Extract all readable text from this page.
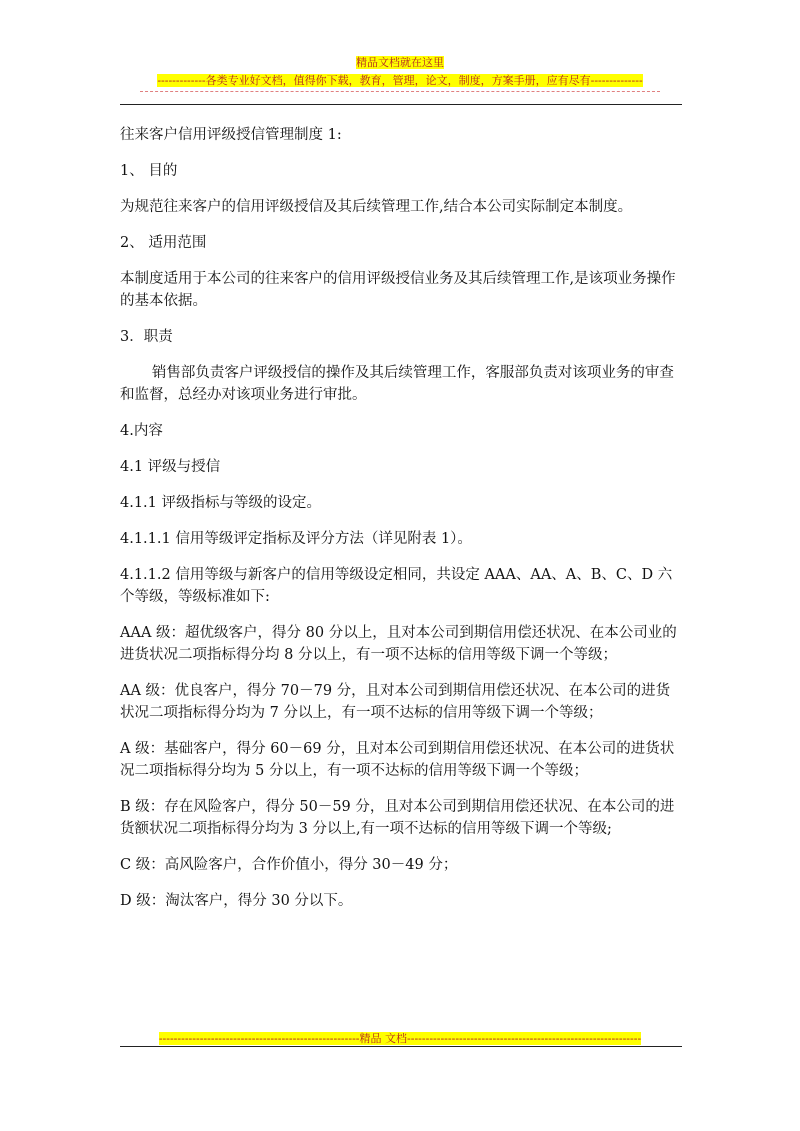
精品文档就在这里
-------------各类专业好文档，值得你下载，教育，管理，论文，制度，方案手册，应有尽有--------------

往来客户信用评级授信管理制度 1:

1、 目的

为规范往来客户的信用评级授信及其后续管理工作,结合本公司实际制定本制度。

2、 适用范围

本制度适用于本公司的往来客户的信用评级授信业务及其后续管理工作,是该项业务操作的基本依据。

3．职责

销售部负责客户评级授信的操作及其后续管理工作，客服部负责对该项业务的审查和监督，总经办对该项业务进行审批。

4.内容

4.1 评级与授信

4.1.1 评级指标与等级的设定。

4.1.1.1 信用等级评定指标及评分方法（详见附表 1）。

4.1.1.2 信用等级与新客户的信用等级设定相同，共设定 AAA、AA、A、B、C、D 六个等级，等级标准如下:

AAA 级：超优级客户，得分 80 分以上，且对本公司到期信用偿还状况、在本公司业的进货状况二项指标得分均 8 分以上，有一项不达标的信用等级下调一个等级；

AA 级：优良客户，得分 70－79 分，且对本公司到期信用偿还状况、在本公司的进货状况二项指标得分均为 7 分以上，有一项不达标的信用等级下调一个等级；

A 级：基础客户，得分 60－69 分，且对本公司到期信用偿还状况、在本公司的进货状况二项指标得分均为 5 分以上，有一项不达标的信用等级下调一个等级；

B 级：存在风险客户，得分 50－59 分，且对本公司到期信用偿还状况、在本公司的进货额状况二项指标得分均为 3 分以上,有一项不达标的信用等级下调一个等级;

C 级：高风险客户，合作价值小，得分 30－49 分；

D 级：淘汰客户，得分 30 分以下。

------------------------------------------------------精品 文档---------------------------------------------------------------
